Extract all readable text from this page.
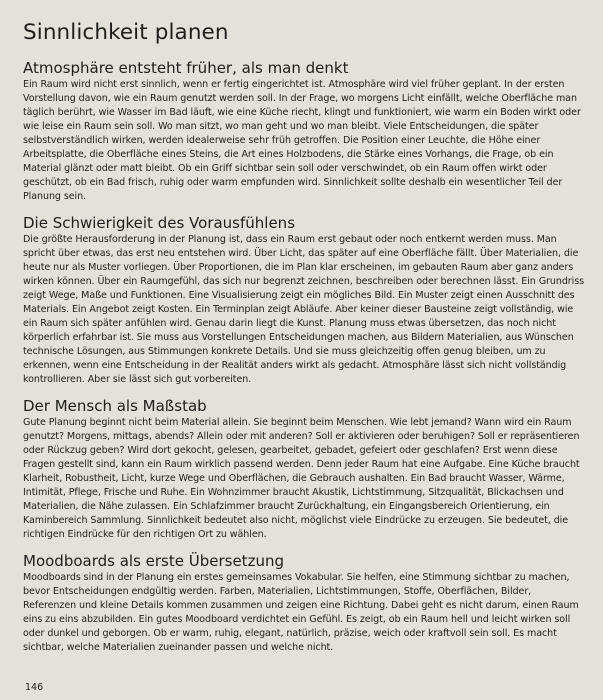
Sinnlichkeit planen
Atmosphäre entsteht früher, als man denkt

Ein Raum wird nicht erst sinnlich, wenn er fertig eingerichtet ist. Atmosphäre wird viel früher geplant. In der ersten Vorstellung davon, wie ein Raum genutzt werden soll. In der Frage, wo morgens Licht einfällt, welche Oberfläche man täglich berührt, wie Wasser im Bad läuft, wie eine Küche riecht, klingt und funktioniert, wie warm ein Boden wirkt oder wie leise ein Raum sein soll. Wo man sitzt, wo man geht und wo man bleibt. Viele Entscheidungen, die später selbstverständlich wirken, werden idealerweise sehr früh getroffen. Die Position einer Leuchte, die Höhe einer Arbeitsplatte, die Oberfläche eines Steins, die Art eines Holzbodens, die Stärke eines Vorhangs, die Frage, ob ein Material glänzt oder matt bleibt. Ob ein Griff sichtbar sein soll oder verschwindet, ob ein Raum offen wirkt oder geschützt, ob ein Bad frisch, ruhig oder warm empfunden wird. Sinnlichkeit sollte deshalb ein wesentlicher Teil der Planung sein.

Die Schwierigkeit des Vorausfühlens

Die größte Herausforderung in der Planung ist, dass ein Raum erst gebaut oder noch entkernt werden muss. Man spricht über etwas, das erst neu entstehen wird. Über Licht, das später auf eine Oberfläche fällt. Über Materialien, die heute nur als Muster vorliegen. Über Proportionen, die im Plan klar erscheinen, im gebauten Raum aber ganz anders wirken können. Über ein Raumgefühl, das sich nur begrenzt zeichnen, beschreiben oder berechnen lässt. Ein Grundriss zeigt Wege, Maße und Funktionen. Eine Visualisierung zeigt ein mögliches Bild. Ein Muster zeigt einen Ausschnitt des Materials. Ein Angebot zeigt Kosten. Ein Terminplan zeigt Abläufe. Aber keiner dieser Bausteine zeigt vollständig, wie ein Raum sich später anfühlen wird. Genau darin liegt die Kunst. Planung muss etwas übersetzen, das noch nicht körperlich erfahrbar ist. Sie muss aus Vorstellungen Entscheidungen machen, aus Bildern Materialien, aus Wünschen technische Lösungen, aus Stimmungen konkrete Details. Und sie muss gleichzeitig offen genug bleiben, um zu erkennen, wenn eine Entscheidung in der Realität anders wirkt als gedacht. Atmosphäre lässt sich nicht vollständig kontrollieren. Aber sie lässt sich gut vorbereiten.

Der Mensch als Maßstab

Gute Planung beginnt nicht beim Material allein. Sie beginnt beim Menschen. Wie lebt jemand? Wann wird ein Raum genutzt? Morgens, mittags, abends? Allein oder mit anderen? Soll er aktivieren oder beruhigen? Soll er repräsentieren oder Rückzug geben? Wird dort gekocht, gelesen, gearbeitet, gebadet, gefeiert oder geschlafen? Erst wenn diese Fragen gestellt sind, kann ein Raum wirklich passend werden. Denn jeder Raum hat eine Aufgabe. Eine Küche braucht Klarheit, Robustheit, Licht, kurze Wege und Oberflächen, die Gebrauch aushalten. Ein Bad braucht Wasser, Wärme, Intimität, Pflege, Frische und Ruhe. Ein Wohnzimmer braucht Akustik, Lichtstimmung, Sitzqualität, Blickachsen und Materialien, die Nähe zulassen. Ein Schlafzimmer braucht Zurückhaltung, ein Eingangsbereich Orientierung, ein Kaminbereich Sammlung. Sinnlichkeit bedeutet also nicht, möglichst viele Eindrücke zu erzeugen. Sie bedeutet, die richtigen Eindrücke für den richtigen Ort zu wählen.

Moodboards als erste Übersetzung

Moodboards sind in der Planung ein erstes gemeinsames Vokabular. Sie helfen, eine Stimmung sichtbar zu machen, bevor Entscheidungen endgültig werden. Farben, Materialien, Lichtstimmungen, Stoffe, Oberflächen, Bilder, Referenzen und kleine Details kommen zusammen und zeigen eine Richtung. Dabei geht es nicht darum, einen Raum eins zu eins abzubilden. Ein gutes Moodboard verdichtet ein Gefühl. Es zeigt, ob ein Raum hell und leicht wirken soll oder dunkel und geborgen. Ob er warm, ruhig, elegant, natürlich, präzise, weich oder kraftvoll sein soll. Es macht sichtbar, welche Materialien zueinander passen und welche nicht.

146
